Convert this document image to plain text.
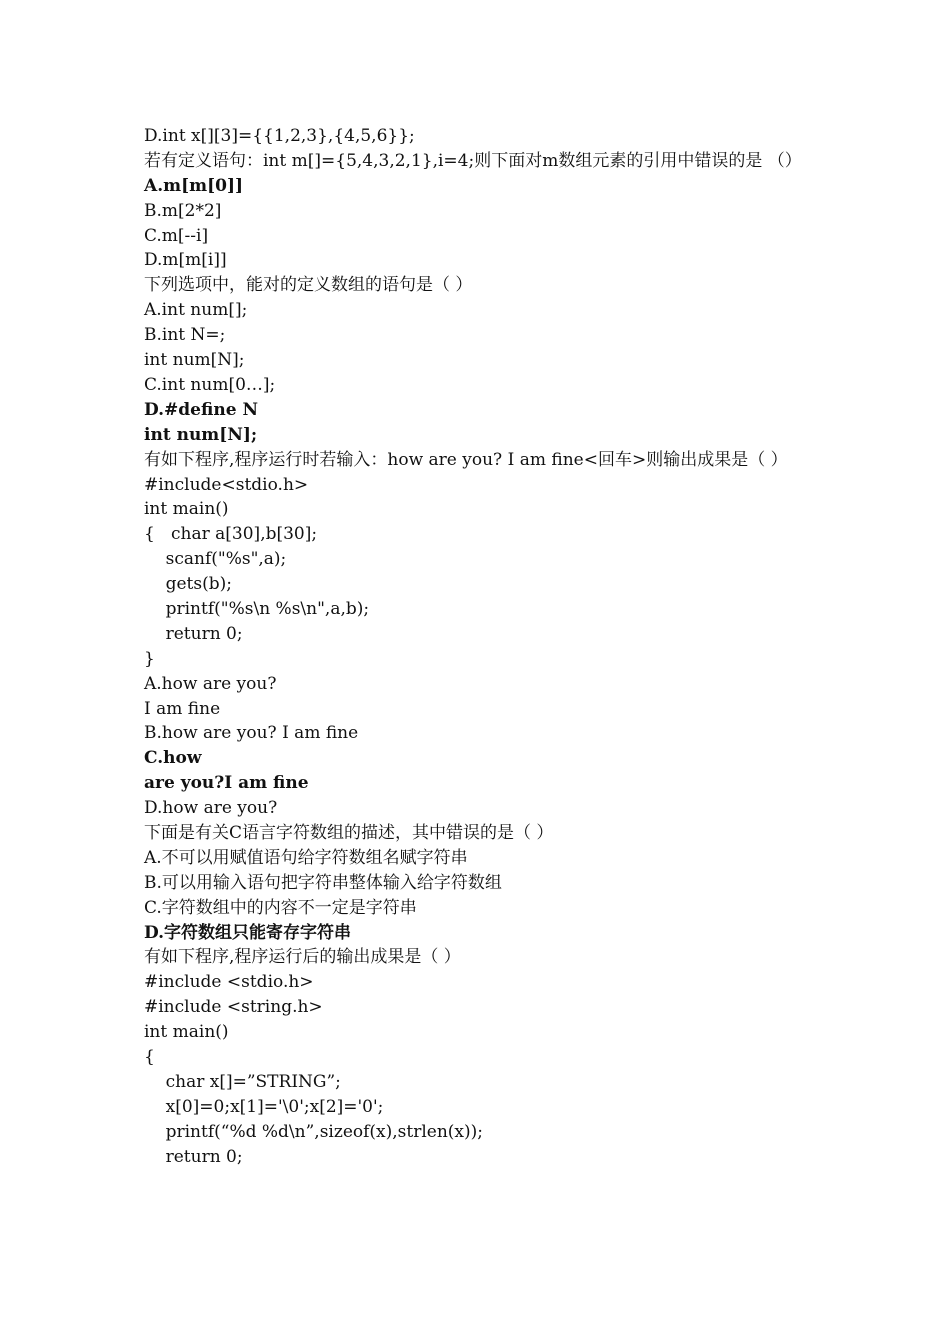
D.int x[][3]={{1,2,3},{4,5,6}};
若有定义语句：int m[]={5,4,3,2,1},i=4;则下面对m数组元素的引用中错误的是 （）
A.m[m[0]]
B.m[2*2]
C.m[--i]
D.m[m[i]]
下列选项中，能对的定义数组的语句是（ ）
A.int num[];
B.int N=;
int num[N];
C.int num[0…];
D.#define N
int num[N];
有如下程序,程序运行时若输入：how are you? I am fine<回车>则输出成果是（ ）
#include<stdio.h>
int main()
{   char a[30],b[30];
scanf("%s",a);
gets(b);
printf("%s\n %s\n",a,b);
return 0;
}
A.how are you?
I am fine
B.how are you? I am fine
C.how
are you?I am fine
D.how are you?
下面是有关C语言字符数组的描述，其中错误的是（ ）
A.不可以用赋值语句给字符数组名赋字符串
B.可以用输入语句把字符串整体输入给字符数组
C.字符数组中的内容不一定是字符串
D.字符数组只能寄存字符串
有如下程序,程序运行后的输出成果是（ ）
#include <stdio.h>
#include <string.h>
int main()
{
char x[]=”STRING”;
x[0]=0;x[1]='\0';x[2]='0';
printf(“%d %d\n”,sizeof(x),strlen(x));
return 0;
